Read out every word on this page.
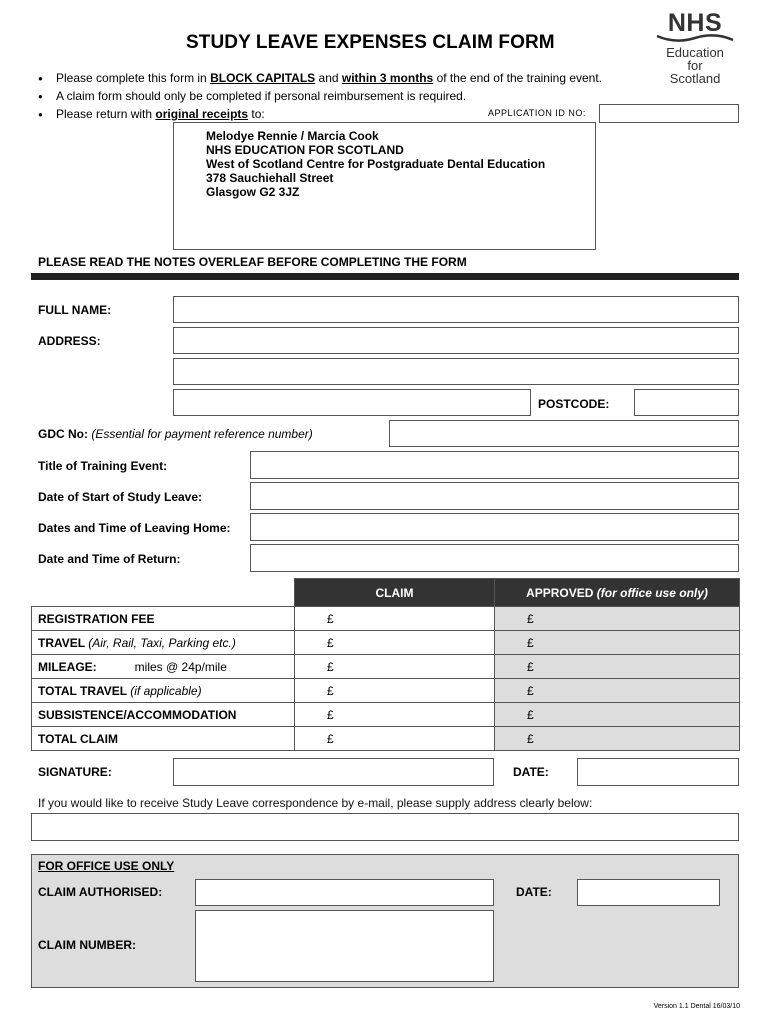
STUDY LEAVE EXPENSES CLAIM FORM
NHS
Education
for
Scotland
● Please complete this form in BLOCK CAPITALS and within 3 months of the end of the training event.
● A claim form should only be completed if personal reimbursement is required.
● Please return with original receipts to:	APPLICATION ID NO:
Melodye Rennie / Marcia Cook
NHS EDUCATION FOR SCOTLAND
West of Scotland Centre for Postgraduate Dental Education
378 Sauchiehall Street
Glasgow G2 3JZ
PLEASE READ THE NOTES OVERLEAF BEFORE COMPLETING THE FORM
FULL NAME:
ADDRESS:
POSTCODE:
GDC No: (Essential for payment reference number)
Title of Training Event:
Date of Start of Study Leave:
Dates and Time of Leaving Home:
Date and Time of Return:
	CLAIM	APPROVED (for office use only)
REGISTRATION FEE	£	£
TRAVEL (Air, Rail, Taxi, Parking etc.)	£	£
MILEAGE: miles @ 24p/mile	£	£
TOTAL TRAVEL (if applicable)	£	£
SUBSISTENCE/ACCOMMODATION	£	£
TOTAL CLAIM	£	£
SIGNATURE:	DATE:
If you would like to receive Study Leave correspondence by e-mail, please supply address clearly below:
FOR OFFICE USE ONLY
CLAIM AUTHORISED:	DATE:
CLAIM NUMBER:
Version 1.1 Dental 16/03/10
